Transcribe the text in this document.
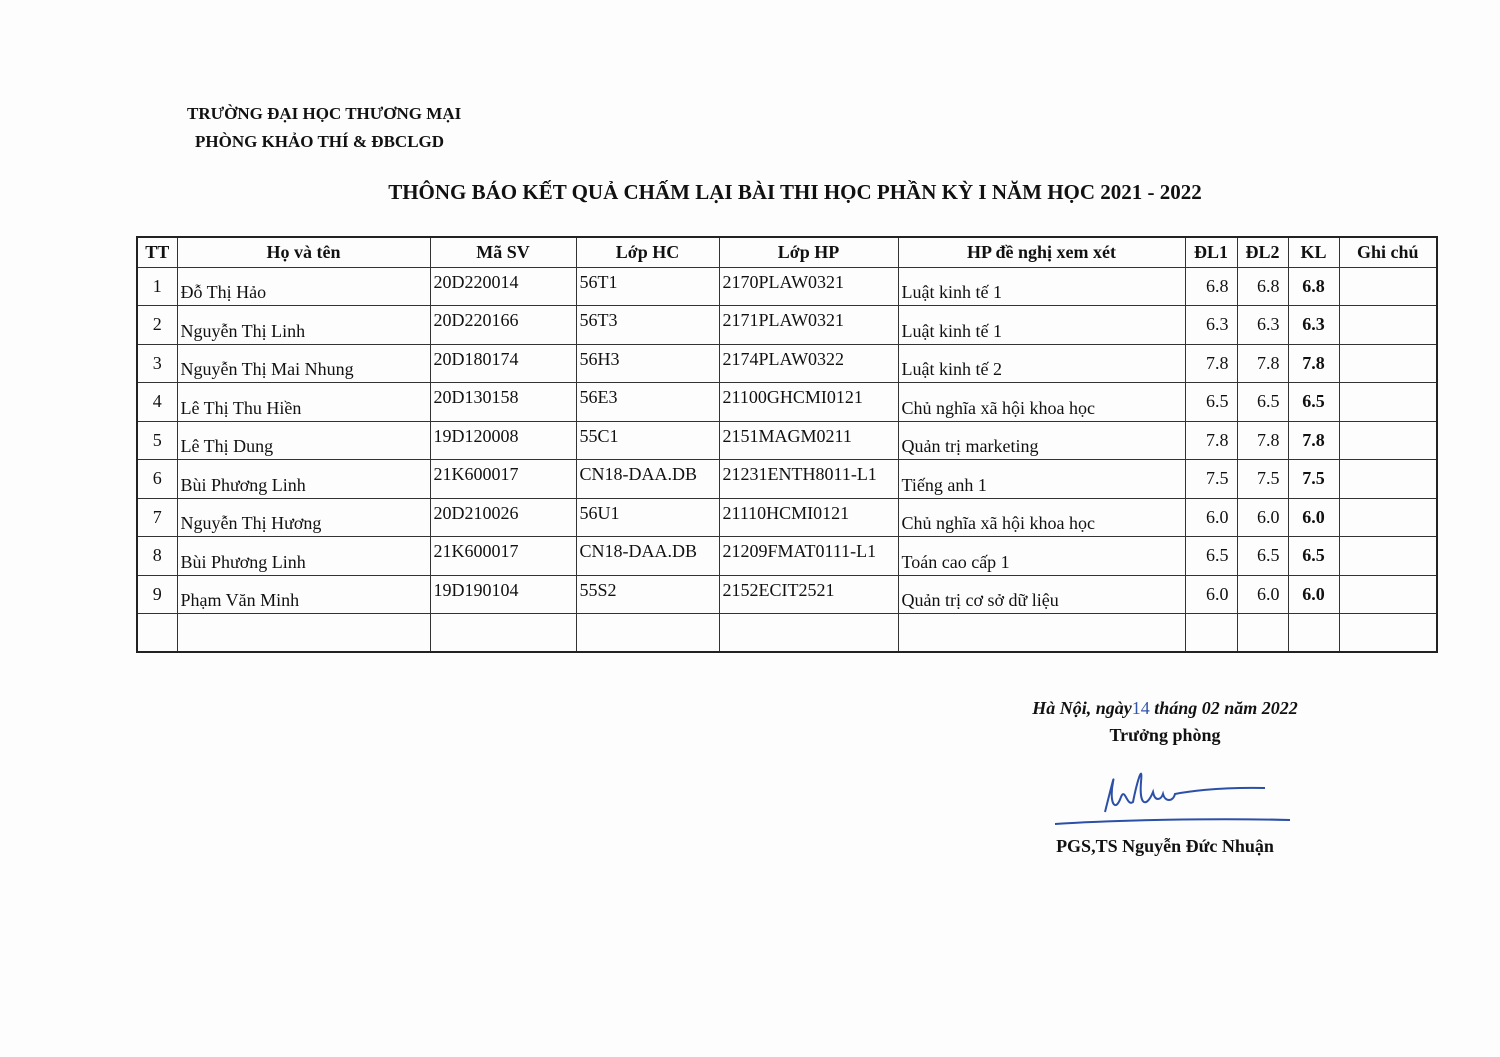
TRƯỜNG ĐẠI HỌC THƯƠNG MẠI
PHÒNG KHẢO THÍ & ĐBCLGD
THÔNG BÁO KẾT QUẢ CHẤM LẠI BÀI THI HỌC PHẦN KỲ I NĂM HỌC 2021 - 2022
TT	Họ và tên	Mã SV	Lớp HC	Lớp HP	HP đề nghị xem xét	ĐL1	ĐL2	KL	Ghi chú
1	Đỗ Thị Hảo	20D220014	56T1	2170PLAW0321	Luật kinh tế 1	6.8	6.8	6.8	
2	Nguyễn Thị Linh	20D220166	56T3	2171PLAW0321	Luật kinh tế 1	6.3	6.3	6.3	
3	Nguyễn Thị Mai Nhung	20D180174	56H3	2174PLAW0322	Luật kinh tế 2	7.8	7.8	7.8	
4	Lê Thị Thu Hiền	20D130158	56E3	21100GHCMI0121	Chủ nghĩa xã hội khoa học	6.5	6.5	6.5	
5	Lê Thị Dung	19D120008	55C1	2151MAGM0211	Quản trị marketing	7.8	7.8	7.8	
6	Bùi Phương Linh	21K600017	CN18-DAA.DB	21231ENTH8011-L1	Tiếng anh 1	7.5	7.5	7.5	
7	Nguyễn Thị Hương	20D210026	56U1	21110HCMI0121	Chủ nghĩa xã hội khoa học	6.0	6.0	6.0	
8	Bùi Phương Linh	21K600017	CN18-DAA.DB	21209FMAT0111-L1	Toán cao cấp 1	6.5	6.5	6.5	
9	Phạm Văn Minh	19D190104	55S2	2152ECIT2521	Quản trị cơ sở dữ liệu	6.0	6.0	6.0	

Hà Nội, ngày14 tháng 02 năm 2022
Trưởng phòng
PGS,TS Nguyễn Đức Nhuận
